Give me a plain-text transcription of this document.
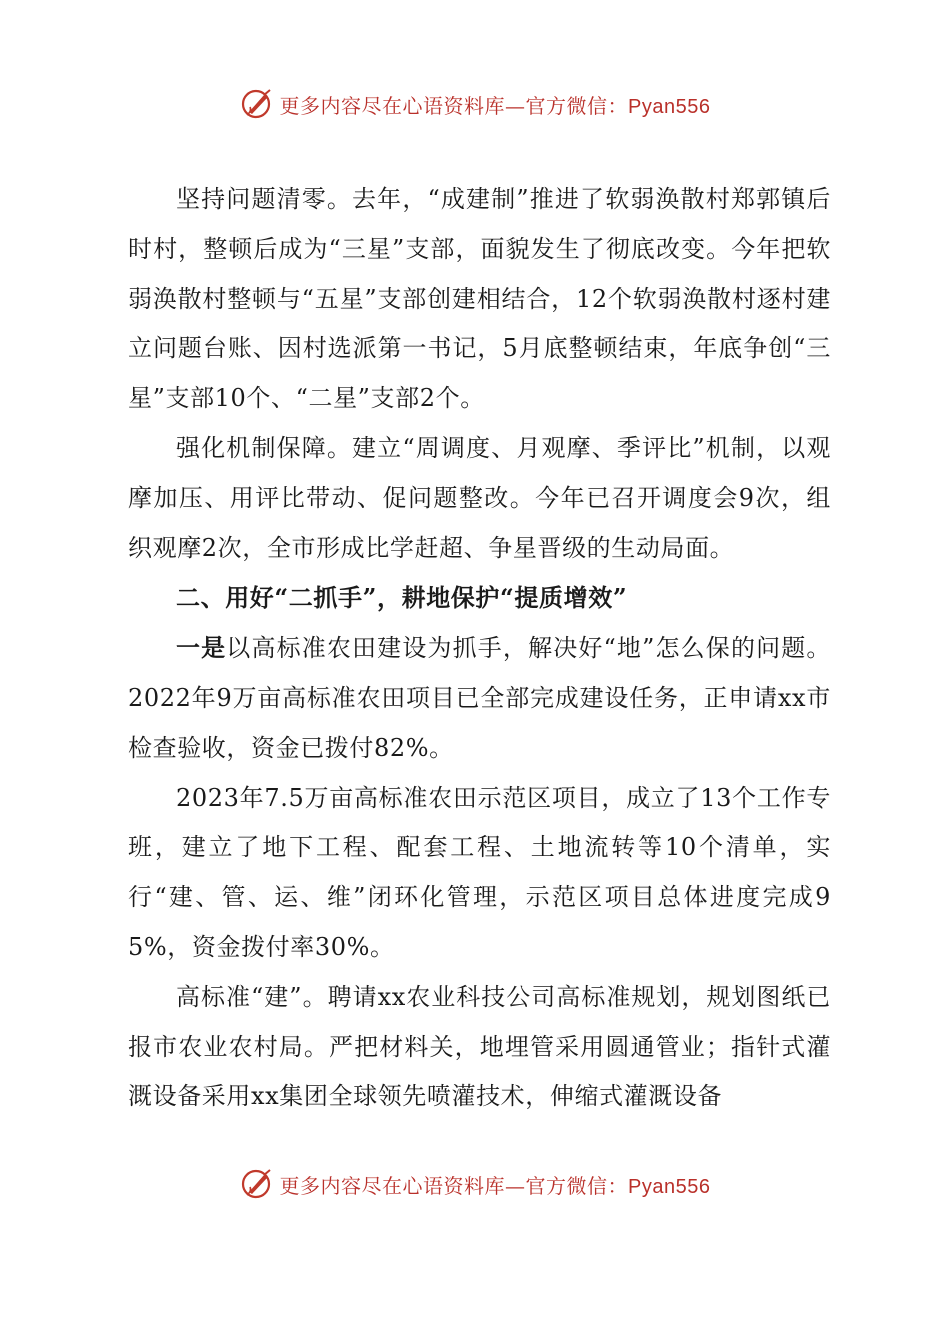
更多内容尽在心语资料库—官方微信：Pyan556

坚持问题清零。去年，“成建制”推进了软弱涣散村郑郭镇后时村，整顿后成为“三星”支部，面貌发生了彻底改变。今年把软弱涣散村整顿与“五星”支部创建相结合，12个软弱涣散村逐村建立问题台账、因村选派第一书记，5月底整顿结束，年底争创“三星”支部10个、“二星”支部2个。

强化机制保障。建立“周调度、月观摩、季评比”机制，以观摩加压、用评比带动、促问题整改。今年已召开调度会9次，组织观摩2次，全市形成比学赶超、争星晋级的生动局面。

二、用好“二抓手”，耕地保护“提质增效”

一是以高标准农田建设为抓手，解决好“地”怎么保的问题。2022年9万亩高标准农田项目已全部完成建设任务，正申请xx市检查验收，资金已拨付82%。

2023年7.5万亩高标准农田示范区项目，成立了13个工作专班，建立了地下工程、配套工程、土地流转等10个清单，实行“建、管、运、维”闭环化管理，示范区项目总体进度完成95%，资金拨付率30%。

高标准“建”。聘请xx农业科技公司高标准规划，规划图纸已报市农业农村局。严把材料关，地埋管采用圆通管业；指针式灌溉设备采用xx集团全球领先喷灌技术，伸缩式灌溉设备

更多内容尽在心语资料库—官方微信：Pyan556
